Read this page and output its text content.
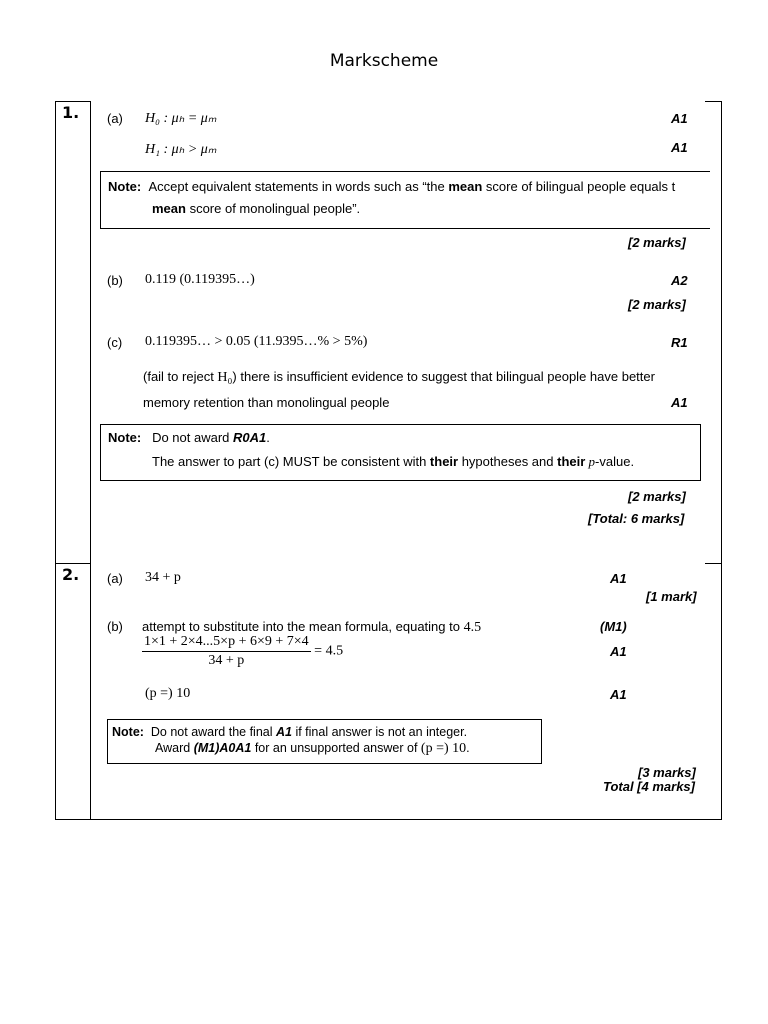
Markscheme
1. (a) H₀ : μₕ = μₘ	A1
H₁ : μₕ > μₘ	A1
Note: Accept equivalent statements in words such as “the mean score of bilingual people equals t
mean score of monolingual people”.
[2 marks]
(b) 0.119 (0.119395…)	A2
[2 marks]
(c) 0.119395… > 0.05 (11.9395…% > 5%)	R1
(fail to reject H₀) there is insufficient evidence to suggest that bilingual people have better
memory retention than monolingual people	A1
Note: Do not award R0A1.
The answer to part (c) MUST be consistent with their hypotheses and their p-value.
[2 marks]
[Total: 6 marks]
2. (a) 34 + p	A1
[1 mark]
(b) attempt to substitute into the mean formula, equating to 4.5	(M1)
$\frac{1\times 1 + 2\times 4...5\times p + 6\times 9 + 7\times 4}{34 + p} = 4.5$	A1
(p =) 10	A1
Note: Do not award the final A1 if final answer is not an integer.
Award (M1)A0A1 for an unsupported answer of (p =) 10.
[3 marks]
Total [4 marks]
